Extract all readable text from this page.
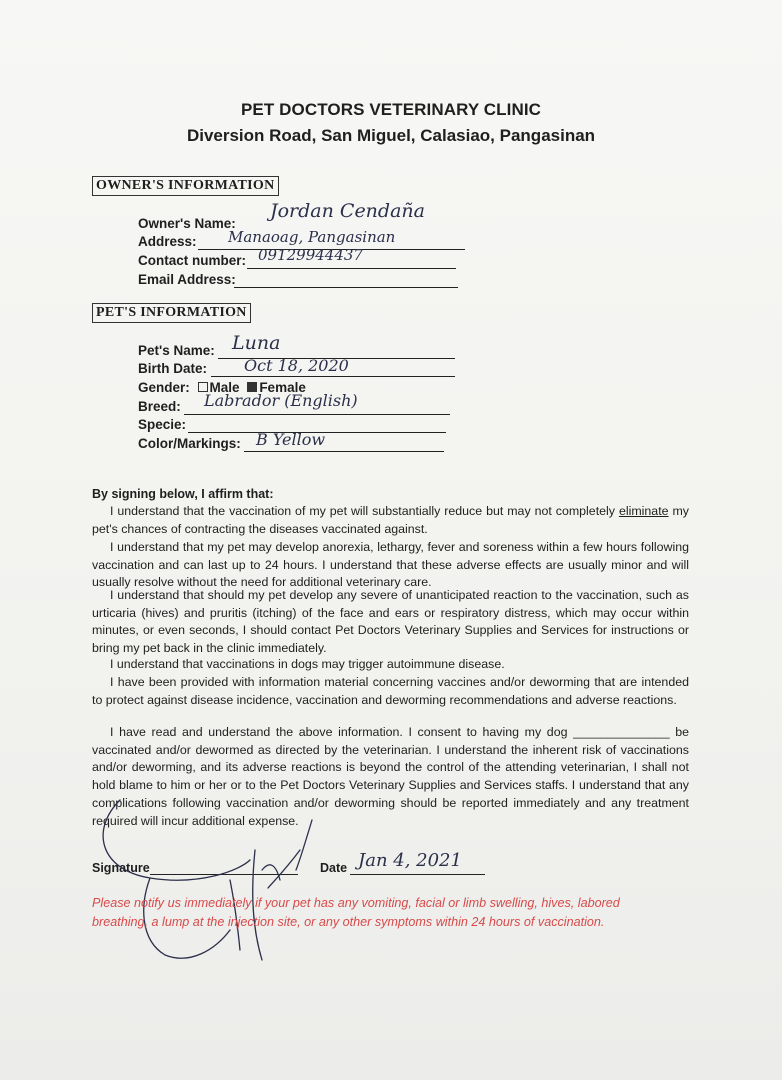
PET DOCTORS VETERINARY CLINIC
Diversion Road, San Miguel, Calasiao, Pangasinan
OWNER'S INFORMATION
Owner's Name:
Jordan Cendaña
Address: Manaoag, Pangasinan
Contact number: 09129944437
Email Address:
PET'S INFORMATION
Pet's Name: Luna
Birth Date: Oct 18, 2020
Gender: Male Female
Breed: Labrador (English)
Specie:
Color/Markings: B Yellow
By signing below, I affirm that:
I understand that the vaccination of my pet will substantially reduce but may not completely eliminate my pet's chances of contracting the diseases vaccinated against.
I understand that my pet may develop anorexia, lethargy, fever and soreness within a few hours following vaccination and can last up to 24 hours. I understand that these adverse effects are usually minor and will usually resolve without the need for additional veterinary care.
I understand that should my pet develop any severe of unanticipated reaction to the vaccination, such as urticaria (hives) and pruritis (itching) of the face and ears or respiratory distress, which may occur within minutes, or even seconds, I should contact Pet Doctors Veterinary Supplies and Services for instructions or bring my pet back in the clinic immediately.
I understand that vaccinations in dogs may trigger autoimmune disease.
I have been provided with information material concerning vaccines and/or deworming that are intended to protect against disease incidence, vaccination and deworming recommendations and adverse reactions.
I have read and understand the above information. I consent to having my dog ______________ be vaccinated and/or dewormed as directed by the veterinarian. I understand the inherent risk of vaccinations and/or deworming, and its adverse reactions is beyond the control of the attending veterinarian, I shall not hold blame to him or her or to the Pet Doctors Veterinary Supplies and Services staffs. I understand that any complications following vaccination and/or deworming should be reported immediately and any treatment required will incur additional expense.
Signature	Date Jan 4, 2021
Please notify us immediately if your pet has any vomiting, facial or limb swelling, hives, labored breathing, a lump at the injection site, or any other symptoms within 24 hours of vaccination.
